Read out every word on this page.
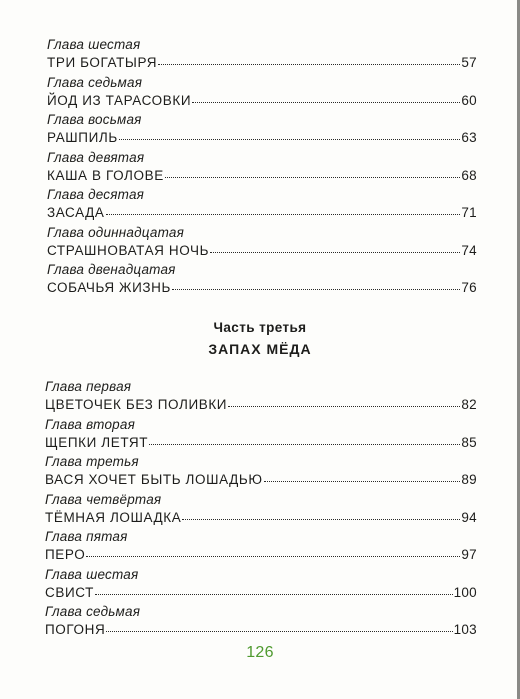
Глава шестая
ТРИ БОГАТЫРЯ	57
Глава седьмая
ЙОД ИЗ ТАРАСОВКИ	60
Глава восьмая
РАШПИЛЬ	63
Глава девятая
КАША В ГОЛОВЕ	68
Глава десятая
ЗАСАДА	71
Глава одиннадцатая
СТРАШНОВАТАЯ НОЧЬ	74
Глава двенадцатая
СОБАЧЬЯ ЖИЗНЬ	76
Часть третья
ЗАПАХ МЁДА
Глава первая
ЦВЕТОЧЕК БЕЗ ПОЛИВКИ	82
Глава вторая
ЩЕПКИ ЛЕТЯТ	85
Глава третья
ВАСЯ ХОЧЕТ БЫТЬ ЛОШАДЬЮ	89
Глава четвёртая
ТЁМНАЯ ЛОШАДКА	94
Глава пятая
ПЕРО	97
Глава шестая
СВИСТ	100
Глава седьмая
ПОГОНЯ	103
126
